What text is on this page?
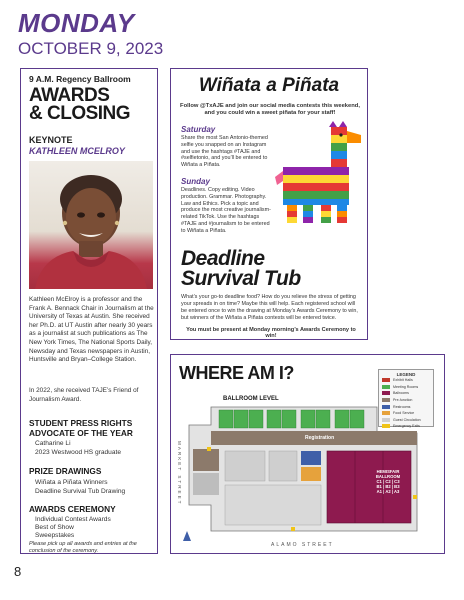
MONDAY
OCTOBER 9, 2023
9 A.M. Regency Ballroom
AWARDS
& CLOSING
KEYNOTE
KATHLEEN MCELROY
Kathleen McElroy is a professor and the Frank A. Bennack Chair in Journalism at the University of Texas at Austin. She received her Ph.D. at UT Austin after nearly 30 years as a journalist at such publications as The New York Times, The National Sports Daily, Newsday and Texas newspapers in Austin, Huntsville and Bryan–College Station.
In 2022, she received TAJE’s Friend of Journalism Award.
STUDENT PRESS RIGHTS ADVOCATE OF THE YEAR
Catharine Li
2023 Westwood HS graduate
PRIZE DRAWINGS
Wiñata a Piñata Winners
Deadline Survival Tub Drawing
AWARDS CEREMONY
Individual Contest Awards
Best of Show
Sweepstakes
Please pick up all awards and entries at the conclusion of the ceremony.
Wiñata a Piñata
Follow @TxAJE and join our social media contests this weekend, and you could win a sweet piñata for your staff!
Saturday
Share the most San Antonio-themed selfie you snapped on an Instagram and use the hashtags #TAJE and #selfietonio, and you’ll be entered to Wiñata a Piñata.
Sunday
Deadlines. Copy editing. Video production. Grammar. Photography. Law and Ethics. Pick a topic and produce the most creative journalism-related TikTok. Use the hashtags #TAJE and #journalism to be entered to Wiñata a Piñata.
Deadline
Survival Tub
What’s your go-to deadline food? How do you relieve the stress of getting your spreads in on time? Maybe this will help. Each registered school will be entered once to win the drawing at Monday’s Awards Ceremony to win, but winners of the Wiñata a Piñata contests will be entered twice.
You must be present at Monday morning’s Awards Ceremony to win!
WHERE AM I?
BALLROOM LEVEL
Registration
MARKET STREET
ALAMO STREET
HEMISFAIR BALLROOM
C1 | C2 | C3
B1 | B2 | B3
A1 | A2 | A3
LEGEND
Exhibit Halls
Meeting Rooms
Ballrooms
Pre-function
Restrooms
Food Service
Guest Circulation
Emergency Exits
8
